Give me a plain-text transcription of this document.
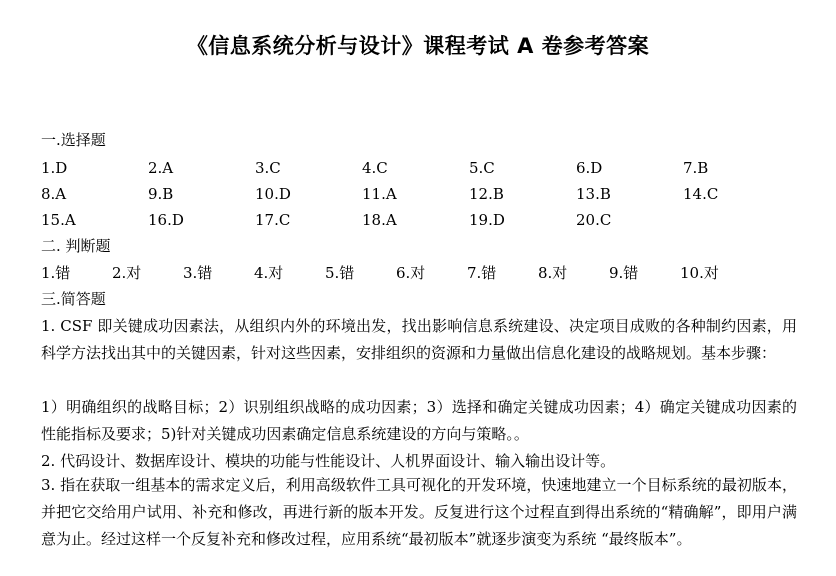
《信息系统分析与设计》课程考试 A 卷参考答案
一.选择题
1.D	2.A	3.C	4.C	5.C	6.D	7.B
8.A	9.B	10.D	11.A	12.B	13.B	14.C
15.A	16.D	17.C	18.A	19.D	20.C
二. 判断题
1.错	2.对	3.错	4.对	5.错	6.对	7.错	8.对	9.错	10.对
三.简答题
1. CSF 即关键成功因素法，从组织内外的环境出发，找出影响信息系统建设、决定项目成败的各种制约因素，用科学方法找出其中的关键因素，针对这些因素，安排组织的资源和力量做出信息化建设的战略规划。基本步骤：
1）明确组织的战略目标；2）识别组织战略的成功因素；3）选择和确定关键成功因素；4）确定关键成功因素的性能指标及要求；5)针对关键成功因素确定信息系统建设的方向与策略。。
2. 代码设计、数据库设计、模块的功能与性能设计、人机界面设计、输入输出设计等。
3. 指在获取一组基本的需求定义后，利用高级软件工具可视化的开发环境，快速地建立一个目标系统的最初版本，并把它交给用户试用、补充和修改，再进行新的版本开发。反复进行这个过程直到得出系统的“精确解”，即用户满意为止。经过这样一个反复补充和修改过程，应用系统“最初版本”就逐步演变为系统 “最终版本”。
